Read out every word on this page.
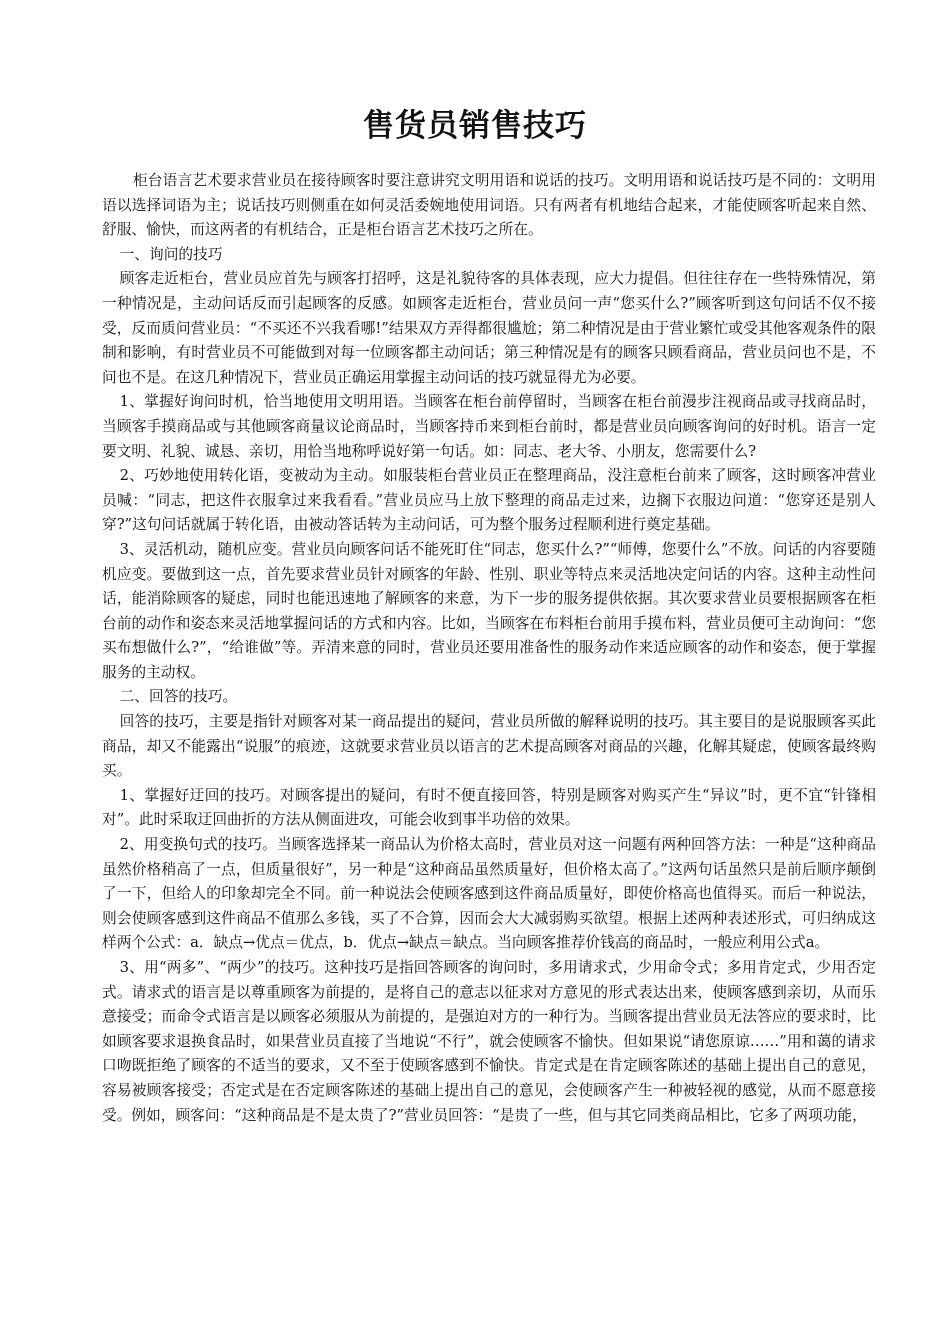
售货员销售技巧

柜台语言艺术要求营业员在接待顾客时要注意讲究文明用语和说话的技巧。文明用语和说话技巧是不同的：文明用语以选择词语为主；说话技巧则侧重在如何灵活委婉地使用词语。只有两者有机地结合起来，才能使顾客听起来自然、舒服、愉快，而这两者的有机结合，正是柜台语言艺术技巧之所在。

一、询问的技巧

顾客走近柜台，营业员应首先与顾客打招呼，这是礼貌待客的具体表现，应大力提倡。但往往存在一些特殊情况，第一种情况是，主动问话反而引起顾客的反感。如顾客走近柜台，营业员问一声“您买什么?”顾客听到这句问话不仅不接受，反而质问营业员：“不买还不兴我看哪!”结果双方弄得都很尴尬；第二种情况是由于营业繁忙或受其他客观条件的限制和影响，有时营业员不可能做到对每一位顾客都主动问话；第三种情况是有的顾客只顾看商品，营业员问也不是，不问也不是。在这几种情况下，营业员正确运用掌握主动问话的技巧就显得尤为必要。

1、掌握好询问时机，恰当地使用文明用语。当顾客在柜台前停留时，当顾客在柜台前漫步注视商品或寻找商品时，当顾客手摸商品或与其他顾客商量议论商品时，当顾客持币来到柜台前时，都是营业员向顾客询问的好时机。语言一定要文明、礼貌、诚恳、亲切，用恰当地称呼说好第一句话。如：同志、老大爷、小朋友，您需要什么?

2、巧妙地使用转化语，变被动为主动。如服装柜台营业员正在整理商品，没注意柜台前来了顾客，这时顾客冲营业员喊：“同志，把这件衣服拿过来我看看。”营业员应马上放下整理的商品走过来，边搁下衣服边问道：“您穿还是别人穿?”这句问话就属于转化语，由被动答话转为主动问话，可为整个服务过程顺利进行奠定基础。

3、灵活机动，随机应变。营业员向顾客问话不能死盯住“同志，您买什么?”“师傅，您要什么”不放。问话的内容要随机应变。要做到这一点，首先要求营业员针对顾客的年龄、性别、职业等特点来灵活地决定问话的内容。这种主动性问话，能消除顾客的疑虑，同时也能迅速地了解顾客的来意，为下一步的服务提供依据。其次要求营业员要根据顾客在柜台前的动作和姿态来灵活地掌握问话的方式和内容。比如，当顾客在布料柜台前用手摸布料，营业员便可主动询问：“您买布想做什么?”，“给谁做”等。弄清来意的同时，营业员还要用准备性的服务动作来适应顾客的动作和姿态，便于掌握服务的主动权。

二、回答的技巧。

回答的技巧，主要是指针对顾客对某一商品提出的疑问，营业员所做的解释说明的技巧。其主要目的是说服顾客买此商品，却又不能露出“说服”的痕迹，这就要求营业员以语言的艺术提高顾客对商品的兴趣，化解其疑虑，使顾客最终购买。

1、掌握好迂回的技巧。对顾客提出的疑问，有时不便直接回答，特别是顾客对购买产生“异议”时，更不宜“针锋相对”。此时采取迂回曲折的方法从侧面进攻，可能会收到事半功倍的效果。

2、用变换句式的技巧。当顾客选择某一商品认为价格太高时，营业员对这一问题有两种回答方法：一种是“这种商品虽然价格稍高了一点，但质量很好”，另一种是“这种商品虽然质量好，但价格太高了。”这两句话虽然只是前后顺序颠倒了一下，但给人的印象却完全不同。前一种说法会使顾客感到这件商品质量好，即使价格高也值得买。而后一种说法，则会使顾客感到这件商品不值那么多钱，买了不合算，因而会大大减弱购买欲望。根据上述两种表述形式，可归纳成这样两个公式：a．缺点→优点＝优点，b．优点→缺点＝缺点。当向顾客推荐价钱高的商品时，一般应利用公式a。

3、用“两多”、“两少”的技巧。这种技巧是指回答顾客的询问时，多用请求式，少用命令式；多用肯定式，少用否定式。请求式的语言是以尊重顾客为前提的，是将自己的意志以征求对方意见的形式表达出来，使顾客感到亲切，从而乐意接受；而命令式语言是以顾客必须服从为前提的，是强迫对方的一种行为。当顾客提出营业员无法答应的要求时，比如顾客要求退换食品时，如果营业员直接了当地说“不行”，就会使顾客不愉快。但如果说“请您原谅……”用和蔼的请求口吻既拒绝了顾客的不适当的要求，又不至于使顾客感到不愉快。肯定式是在肯定顾客陈述的基础上提出自己的意见，容易被顾客接受；否定式是在否定顾客陈述的基础上提出自己的意见，会使顾客产生一种被轻视的感觉，从而不愿意接受。例如，顾客问：“这种商品是不是太贵了?”营业员回答：“是贵了一些，但与其它同类商品相比，它多了两项功能，
